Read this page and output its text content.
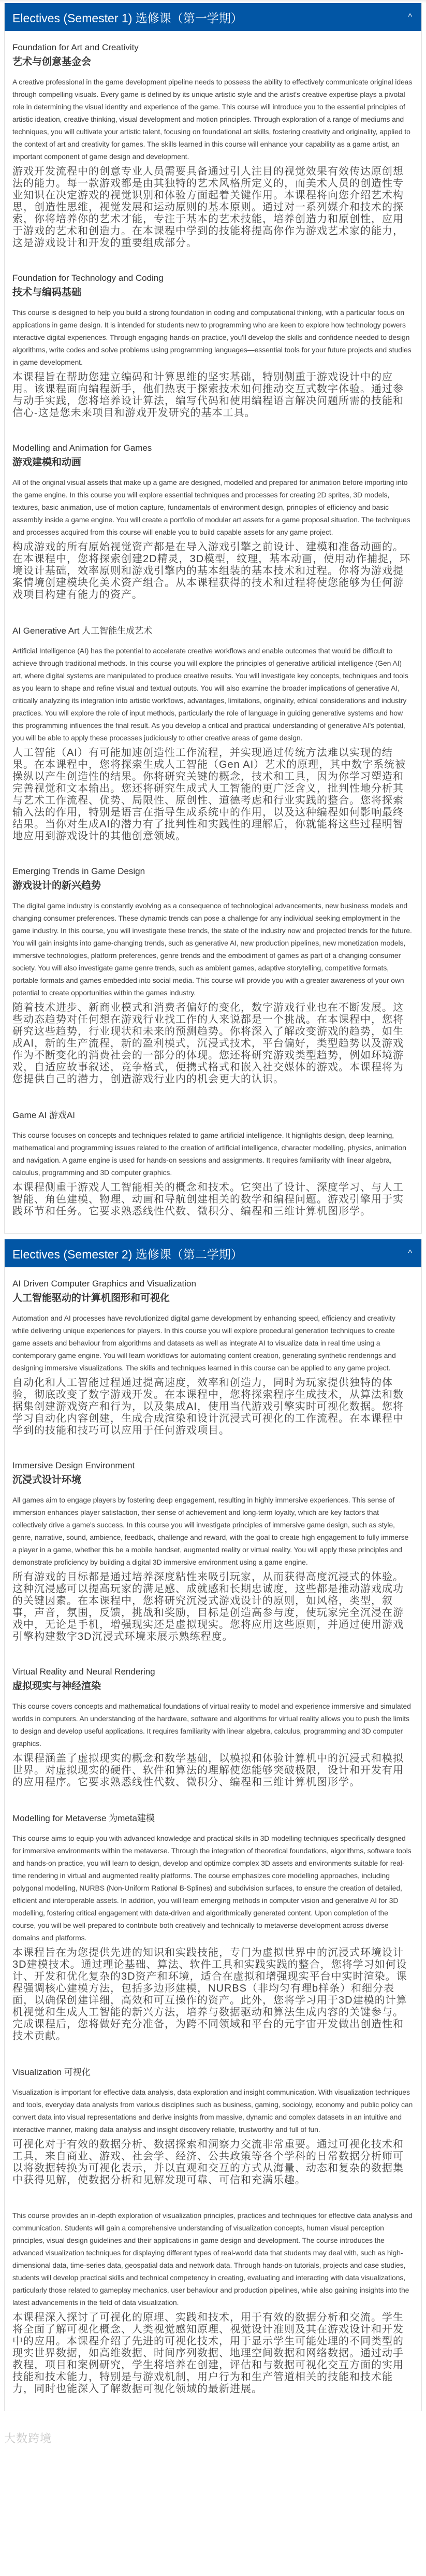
Electives (Semester 1) 选修课（第一学期）	^

Foundation for Art and Creativity

艺术与创意基金会

A creative professional in the game development pipeline needs to possess the ability to effectively communicate original ideas through compelling visuals. Every game is defined by its unique artistic style and the artist's creative expertise plays a pivotal role in determining the visual identity and experience of the game. This course will introduce you to the essential principles of artistic ideation, creative thinking, visual development and motion principles. Through exploration of a range of mediums and techniques, you will cultivate your artistic talent, focusing on foundational art skills, fostering creativity and originality, applied to the context of art and creativity for games. The skills learned in this course will enhance your capability as a game artist, an important component of game design and development.

游戏开发流程中的创意专业人员需要具备通过引人注目的视觉效果有效传达原创想法的能力。每一款游戏都是由其独特的艺术风格所定义的，而美术人员的创造性专业知识在决定游戏的视觉识别和体验方面起着关键作用。本课程将向您介绍艺术构思，创造性思维，视觉发展和运动原则的基本原则。通过对一系列媒介和技术的探索，你将培养你的艺术才能，专注于基本的艺术技能，培养创造力和原创性，应用于游戏的艺术和创造力。在本课程中学到的技能将提高你作为游戏艺术家的能力，这是游戏设计和开发的重要组成部分。

Foundation for Technology and Coding

技术与编码基础

This course is designed to help you build a strong foundation in coding and computational thinking, with a particular focus on applications in game design. It is intended for students new to programming who are keen to explore how technology powers interactive digital experiences. Through engaging hands-on practice, you'll develop the skills and confidence needed to design algorithms, write codes and solve problems using programming languages—essential tools for your future projects and studies in game development.

本课程旨在帮助您建立编码和计算思维的坚实基础，特别侧重于游戏设计中的应用。该课程面向编程新手，他们热衷于探索技术如何推动交互式数字体验。通过参与动手实践，您将培养设计算法，编写代码和使用编程语言解决问题所需的技能和信心-这是您未来项目和游戏开发研究的基本工具。

Modelling and Animation for Games

游戏建模和动画

All of the original visual assets that make up a game are designed, modelled and prepared for animation before importing into the game engine. In this course you will explore essential techniques and processes for creating 2D sprites, 3D models, textures, basic animation, use of motion capture, fundamentals of environment design, principles of efficiency and basic assembly inside a game engine. You will create a portfolio of modular art assets for a game proposal situation. The techniques and processes acquired from this course will enable you to build capable assets for any game project.

构成游戏的所有原始视觉资产都是在导入游戏引擎之前设计、建模和准备动画的。在本课程中，您将探索创建2D精灵，3D模型，纹理，基本动画，使用动作捕捉，环境设计基础，效率原则和游戏引擎内的基本组装的基本技术和过程。你将为游戏提案情境创建模块化美术资产组合。从本课程获得的技术和过程将使您能够为任何游戏项目构建有能力的资产。

AI Generative Art 人工智能生成艺术

Artificial Intelligence (AI) has the potential to accelerate creative workflows and enable outcomes that would be difficult to achieve through traditional methods. In this course you will explore the principles of generative artificial intelligence (Gen AI) art, where digital systems are manipulated to produce creative results. You will investigate key concepts, techniques and tools as you learn to shape and refine visual and textual outputs. You will also examine the broader implications of generative AI, critically analyzing its integration into artistic workflows, advantages, limitations, originality, ethical considerations and industry practices. You will explore the role of input methods, particularly the role of language in guiding generative systems and how this programming influences the final result. As you develop a critical and practical understanding of generative AI's potential, you will be able to apply these processes judiciously to other creative areas of game design.

人工智能（AI）有可能加速创造性工作流程，并实现通过传统方法难以实现的结果。在本课程中，您将探索生成人工智能（Gen AI）艺术的原理，其中数字系统被操纵以产生创造性的结果。你将研究关键的概念，技术和工具，因为你学习塑造和完善视觉和文本输出。您还将研究生成式人工智能的更广泛含义，批判性地分析其与艺术工作流程、优势、局限性、原创性、道德考虑和行业实践的整合。您将探索输入法的作用，特别是语言在指导生成系统中的作用，以及这种编程如何影响最终结果。当你对生成AI的潜力有了批判性和实践性的理解后，你就能将这些过程明智地应用到游戏设计的其他创意领域。

Emerging Trends in Game Design

游戏设计的新兴趋势

The digital game industry is constantly evolving as a consequence of technological advancements, new business models and changing consumer preferences. These dynamic trends can pose a challenge for any individual seeking employment in the game industry. In this course, you will investigate these trends, the state of the industry now and projected trends for the future. You will gain insights into game-changing trends, such as generative AI, new production pipelines, new monetization models, immersive technologies, platform preferences, genre trends and the embodiment of games as part of a changing consumer society. You will also investigate game genre trends, such as ambient games, adaptive storytelling, competitive formats, portable formats and games embedded into social media. This course will provide you with a greater awareness of your own potential to create opportunities within the games industry.

随着技术进步、新商业模式和消费者偏好的变化，数字游戏行业也在不断发展。这些动态趋势对任何想在游戏行业找工作的人来说都是一个挑战。在本课程中，您将研究这些趋势，行业现状和未来的预测趋势。你将深入了解改变游戏的趋势，如生成AI，新的生产流程，新的盈利模式，沉浸式技术，平台偏好，类型趋势以及游戏作为不断变化的消费社会的一部分的体现。您还将研究游戏类型趋势，例如环境游戏，自适应故事叙述，竞争格式，便携式格式和嵌入社交媒体的游戏。本课程将为您提供自己的潜力，创造游戏行业内的机会更大的认识。

Game AI 游戏AI

This course focuses on concepts and techniques related to game artificial intelligence. It highlights design, deep learning, mathematical and programming issues related to the creation of artificial intelligence, character modelling, physics, animation and navigation. A game engine is used for hands-on sessions and assignments. It requires familiarity with linear algebra, calculus, programming and 3D computer graphics.

本课程侧重于游戏人工智能相关的概念和技术。它突出了设计、深度学习、与人工智能、角色建模、物理、动画和导航创建相关的数学和编程问题。游戏引擎用于实践环节和任务。它要求熟悉线性代数、微积分、编程和三维计算机图形学。

Electives (Semester 2) 选修课（第二学期）	^

AI Driven Computer Graphics and Visualization

人工智能驱动的计算机图形和可视化

Automation and AI processes have revolutionized digital game development by enhancing speed, efficiency and creativity while delivering unique experiences for players. In this course you will explore procedural generation techniques to create game assets and behaviour from algorithms and datasets as well as integrate AI to visualize data in real time using a contemporary game engine. You will learn workflows for automating content creation, generating synthetic renderings and designing immersive visualizations. The skills and techniques learned in this course can be applied to any game project.

自动化和人工智能过程通过提高速度，效率和创造力，同时为玩家提供独特的体验，彻底改变了数字游戏开发。在本课程中，您将探索程序生成技术，从算法和数据集创建游戏资产和行为，以及集成AI，使用当代游戏引擎实时可视化数据。您将学习自动化内容创建，生成合成渲染和设计沉浸式可视化的工作流程。在本课程中学到的技能和技巧可以应用于任何游戏项目。

Immersive Design Environment

沉浸式设计环境

All games aim to engage players by fostering deep engagement, resulting in highly immersive experiences. This sense of immersion enhances player satisfaction, their sense of achievement and long-term loyalty, which are key factors that collectively drive a game's success. In this course you will investigate principles of immersive game design, such as style, genre, narrative, sound, ambience, feedback, challenge and reward, with the goal to create high engagement to fully immerse a player in a game, whether this be a mobile handset, augmented reality or virtual reality. You will apply these principles and demonstrate proficiency by building a digital 3D immersive environment using a game engine.

所有游戏的目标都是通过培养深度粘性来吸引玩家，从而获得高度沉浸式的体验。这种沉浸感可以提高玩家的满足感、成就感和长期忠诚度，这些都是推动游戏成功的关键因素。在本课程中，您将研究沉浸式游戏设计的原则，如风格，类型，叙事，声音，氛围，反馈，挑战和奖励，目标是创造高参与度，使玩家完全沉浸在游戏中，无论是手机，增强现实还是虚拟现实。您将应用这些原则，并通过使用游戏引擎构建数字3D沉浸式环境来展示熟练程度。

Virtual Reality and Neural Rendering

虚拟现实与神经渲染

This course covers concepts and mathematical foundations of virtual reality to model and experience immersive and simulated worlds in computers. An understanding of the hardware, software and algorithms for virtual reality allows you to push the limits to design and develop useful applications. It requires familiarity with linear algebra, calculus, programming and 3D computer graphics.

本课程涵盖了虚拟现实的概念和数学基础，以模拟和体验计算机中的沉浸式和模拟世界。对虚拟现实的硬件、软件和算法的理解使您能够突破极限，设计和开发有用的应用程序。它要求熟悉线性代数、微积分、编程和三维计算机图形学。

Modelling for Metaverse 为meta建模

This course aims to equip you with advanced knowledge and practical skills in 3D modelling techniques specifically designed for immersive environments within the metaverse. Through the integration of theoretical foundations, algorithms, software tools and hands-on practice, you will learn to design, develop and optimize complex 3D assets and environments suitable for real-time rendering in virtual and augmented reality platforms. The course emphasizes core modelling approaches, including polygonal modelling, NURBS (Non-Uniform Rational B-Splines) and subdivision surfaces, to ensure the creation of detailed, efficient and interoperable assets. In addition, you will learn emerging methods in computer vision and generative AI for 3D modelling, fostering critical engagement with data-driven and algorithmically generated content. Upon completion of the course, you will be well-prepared to contribute both creatively and technically to metaverse development across diverse domains and platforms.

本课程旨在为您提供先进的知识和实践技能，专门为虚拟世界中的沉浸式环境设计3D建模技术。通过理论基础、算法、软件工具和实践实践的整合，您将学习如何设计、开发和优化复杂的3D资产和环境，适合在虚拟和增强现实平台中实时渲染。课程强调核心建模方法，包括多边形建模，NURBS（非均匀有理b样条）和细分表面，以确保创建详细，高效和可互操作的资产。此外，您将学习用于3D建模的计算机视觉和生成人工智能的新兴方法，培养与数据驱动和算法生成内容的关键参与。完成课程后，您将做好充分准备，为跨不同领域和平台的元宇宙开发做出创造性和技术贡献。

Visualization 可视化

Visualization is important for effective data analysis, data exploration and insight communication. With visualization techniques and tools, everyday data analysts from various disciplines such as business, gaming, sociology, economy and public policy can convert data into visual representations and derive insights from massive, dynamic and complex datasets in an intuitive and interactive manner, making data analysis and insight discovery reliable, trustworthy and full of fun.

可视化对于有效的数据分析、数据探索和洞察力交流非常重要。通过可视化技术和工具，来自商业、游戏、社会学、经济、公共政策等各个学科的日常数据分析师可以将数据转换为可视化表示，并以直观和交互的方式从海量、动态和复杂的数据集中获得见解，使数据分析和见解发现可靠、可信和充满乐趣。

This course provides an in-depth exploration of visualization principles, practices and techniques for effective data analysis and communication. Students will gain a comprehensive understanding of visualization concepts, human visual perception principles, visual design guidelines and their applications in game design and development. The course introduces the advanced visualization techniques for displaying different types of real-world data that students may deal with, such as high-dimensional data, time-series data, geospatial data and network data. Through hands-on tutorials, projects and case studies, students will develop practical skills and technical competency in creating, evaluating and interacting with data visualizations, particularly those related to gameplay mechanics, user behaviour and production pipelines, while also gaining insights into the latest advancements in the field of data visualization.

本课程深入探讨了可视化的原理、实践和技术，用于有效的数据分析和交流。学生将全面了解可视化概念、人类视觉感知原理、视觉设计准则及其在游戏设计和开发中的应用。本课程介绍了先进的可视化技术，用于显示学生可能处理的不同类型的现实世界数据，如高维数据、时间序列数据、地理空间数据和网络数据。通过动手教程，项目和案例研究，学生将培养在创建，评估和与数据可视化交互方面的实用技能和技术能力，特别是与游戏机制，用户行为和生产管道相关的技能和技术能力，同时也能深入了解数据可视化领域的最新进展。

大数跨境
